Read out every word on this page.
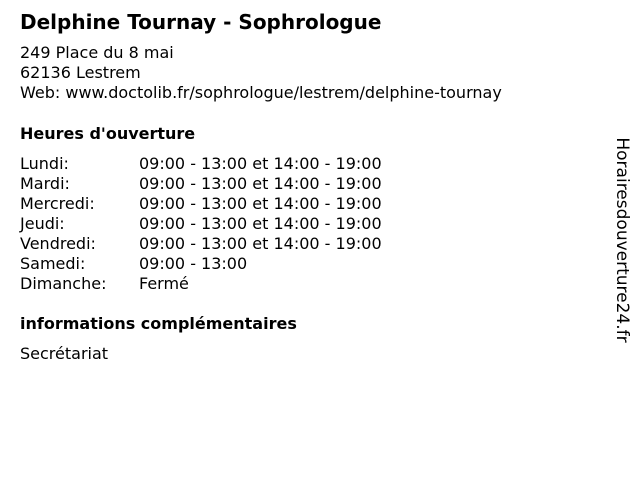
Delphine Tournay - Sophrologue
249 Place du 8 mai
62136 Lestrem
Web: www.doctolib.fr/sophrologue/lestrem/delphine-tournay
Heures d'ouverture
Lundi:	09:00 - 13:00 et 14:00 - 19:00
Mardi:	09:00 - 13:00 et 14:00 - 19:00
Mercredi:	09:00 - 13:00 et 14:00 - 19:00
Jeudi:	09:00 - 13:00 et 14:00 - 19:00
Vendredi:	09:00 - 13:00 et 14:00 - 19:00
Samedi:	09:00 - 13:00
Dimanche:	Fermé
informations complémentaires
Secrétariat
Horairesdouverture24.fr
